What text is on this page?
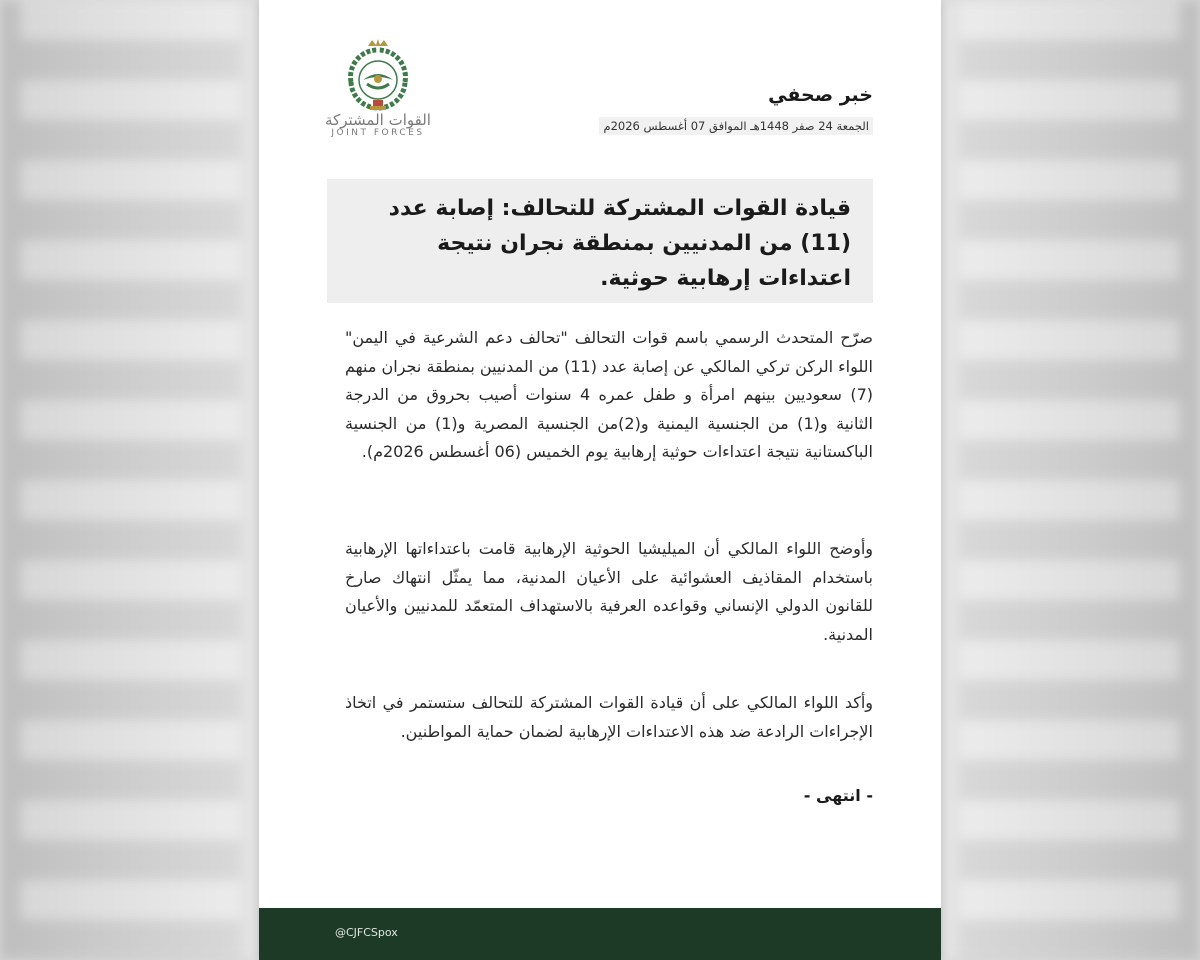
القوات المشتركة
JOINT FORCES
خبر صحفي
الجمعة 24 صفر 1448هـ الموافق 07 أغسطس 2026م
قيادة القوات المشتركة للتحالف: إصابة عدد (11) من المدنيين بمنطقة نجران نتيجة اعتداءات إرهابية حوثية.
صرّح المتحدث الرسمي باسم قوات التحالف "تحالف دعم الشرعية في اليمن" اللواء الركن تركي المالكي عن إصابة عدد (11) من المدنيين بمنطقة نجران منهم (7) سعوديين بينهم امرأة و طفل عمره 4 سنوات أصيب بحروق من الدرجة الثانية و(1) من الجنسية اليمنية و(2)من الجنسية المصرية و(1) من الجنسية الباكستانية نتيجة اعتداءات حوثية إرهابية يوم الخميس (06 أغسطس 2026م).
وأوضح اللواء المالكي أن الميليشيا الحوثية الإرهابية قامت باعتداءاتها الإرهابية باستخدام المقاذيف العشوائية على الأعيان المدنية، مما يمثّل انتهاك صارخ للقانون الدولي الإنساني وقواعده العرفية بالاستهداف المتعمّد للمدنيين والأعيان المدنية.
وأكد اللواء المالكي على أن قيادة القوات المشتركة للتحالف ستستمر في اتخاذ الإجراءات الرادعة ضد هذه الاعتداءات الإرهابية لضمان حماية المواطنين.
- انتهى -
@CJFCSpox
